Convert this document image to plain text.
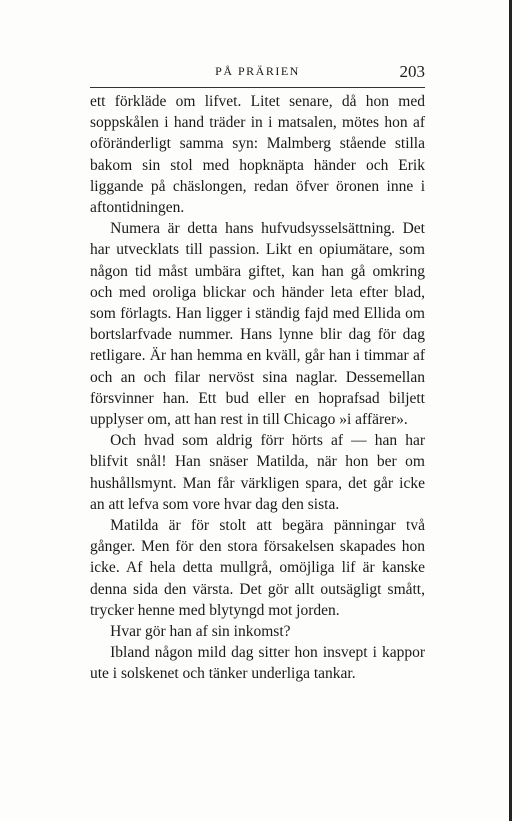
PÅ PRÄRIEN	203

ett förkläde om lifvet. Litet senare, då hon med soppskålen i hand träder in i matsalen, mötes hon af oföränderligt samma syn: Malmberg stående stilla bakom sin stol med hopknäpta händer och Erik liggande på chäslongen, redan öfver öronen inne i aftontidningen.

Numera är detta hans hufvudsysselsättning. Det har utvecklats till passion. Likt en opiumätare, som någon tid måst umbära giftet, kan han gå omkring och med oroliga blickar och händer leta efter blad, som förlagts. Han ligger i ständig fajd med Ellida om bortslarfvade nummer. Hans lynne blir dag för dag retligare. Är han hemma en kväll, går han i timmar af och an och filar nervöst sina naglar. Dessemellan försvinner han. Ett bud eller en hoprafsad biljett upplyser om, att han rest in till Chicago »i affärer».

Och hvad som aldrig förr hörts af — han har blifvit snål! Han snäser Matilda, när hon ber om hushållsmynt. Man får värkligen spara, det går icke an att lefva som vore hvar dag den sista.

Matilda är för stolt att begära pänningar två gånger. Men för den stora försakelsen skapades hon icke. Af hela detta mullgrå, omöjliga lif är kanske denna sida den värsta. Det gör allt outsägligt smått, trycker henne med blytyngd mot jorden.

Hvar gör han af sin inkomst?

Ibland någon mild dag sitter hon insvept i kappor ute i solskenet och tänker underliga tankar.
